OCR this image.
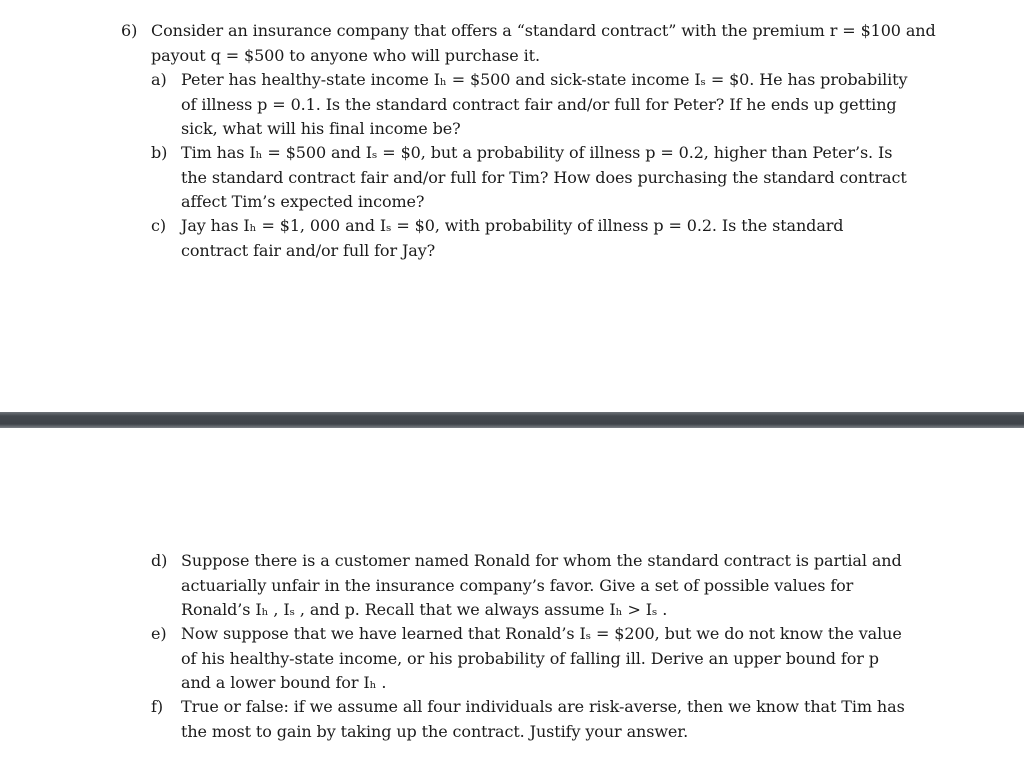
6) Consider an insurance company that offers a “standard contract” with the premium r = $100 and payout q = $500 to anyone who will purchase it.
a) Peter has healthy-state income Iₕ = $500 and sick-state income Iₛ = $0. He has probability of illness p = 0.1. Is the standard contract fair and/or full for Peter? If he ends up getting sick, what will his final income be?
b) Tim has Iₕ = $500 and Iₛ = $0, but a probability of illness p = 0.2, higher than Peter’s. Is the standard contract fair and/or full for Tim? How does purchasing the standard contract affect Tim’s expected income?
c) Jay has Iₕ = $1, 000 and Iₛ = $0, with probability of illness p = 0.2. Is the standard contract fair and/or full for Jay?
d) Suppose there is a customer named Ronald for whom the standard contract is partial and actuarially unfair in the insurance company’s favor. Give a set of possible values for Ronald’s Iₕ , Iₛ , and p. Recall that we always assume Iₕ > Iₛ .
e) Now suppose that we have learned that Ronald’s Iₛ = $200, but we do not know the value of his healthy-state income, or his probability of falling ill. Derive an upper bound for p and a lower bound for Iₕ .
f)	True or false: if we assume all four individuals are risk-averse, then we know that Tim has the most to gain by taking up the contract. Justify your answer.
